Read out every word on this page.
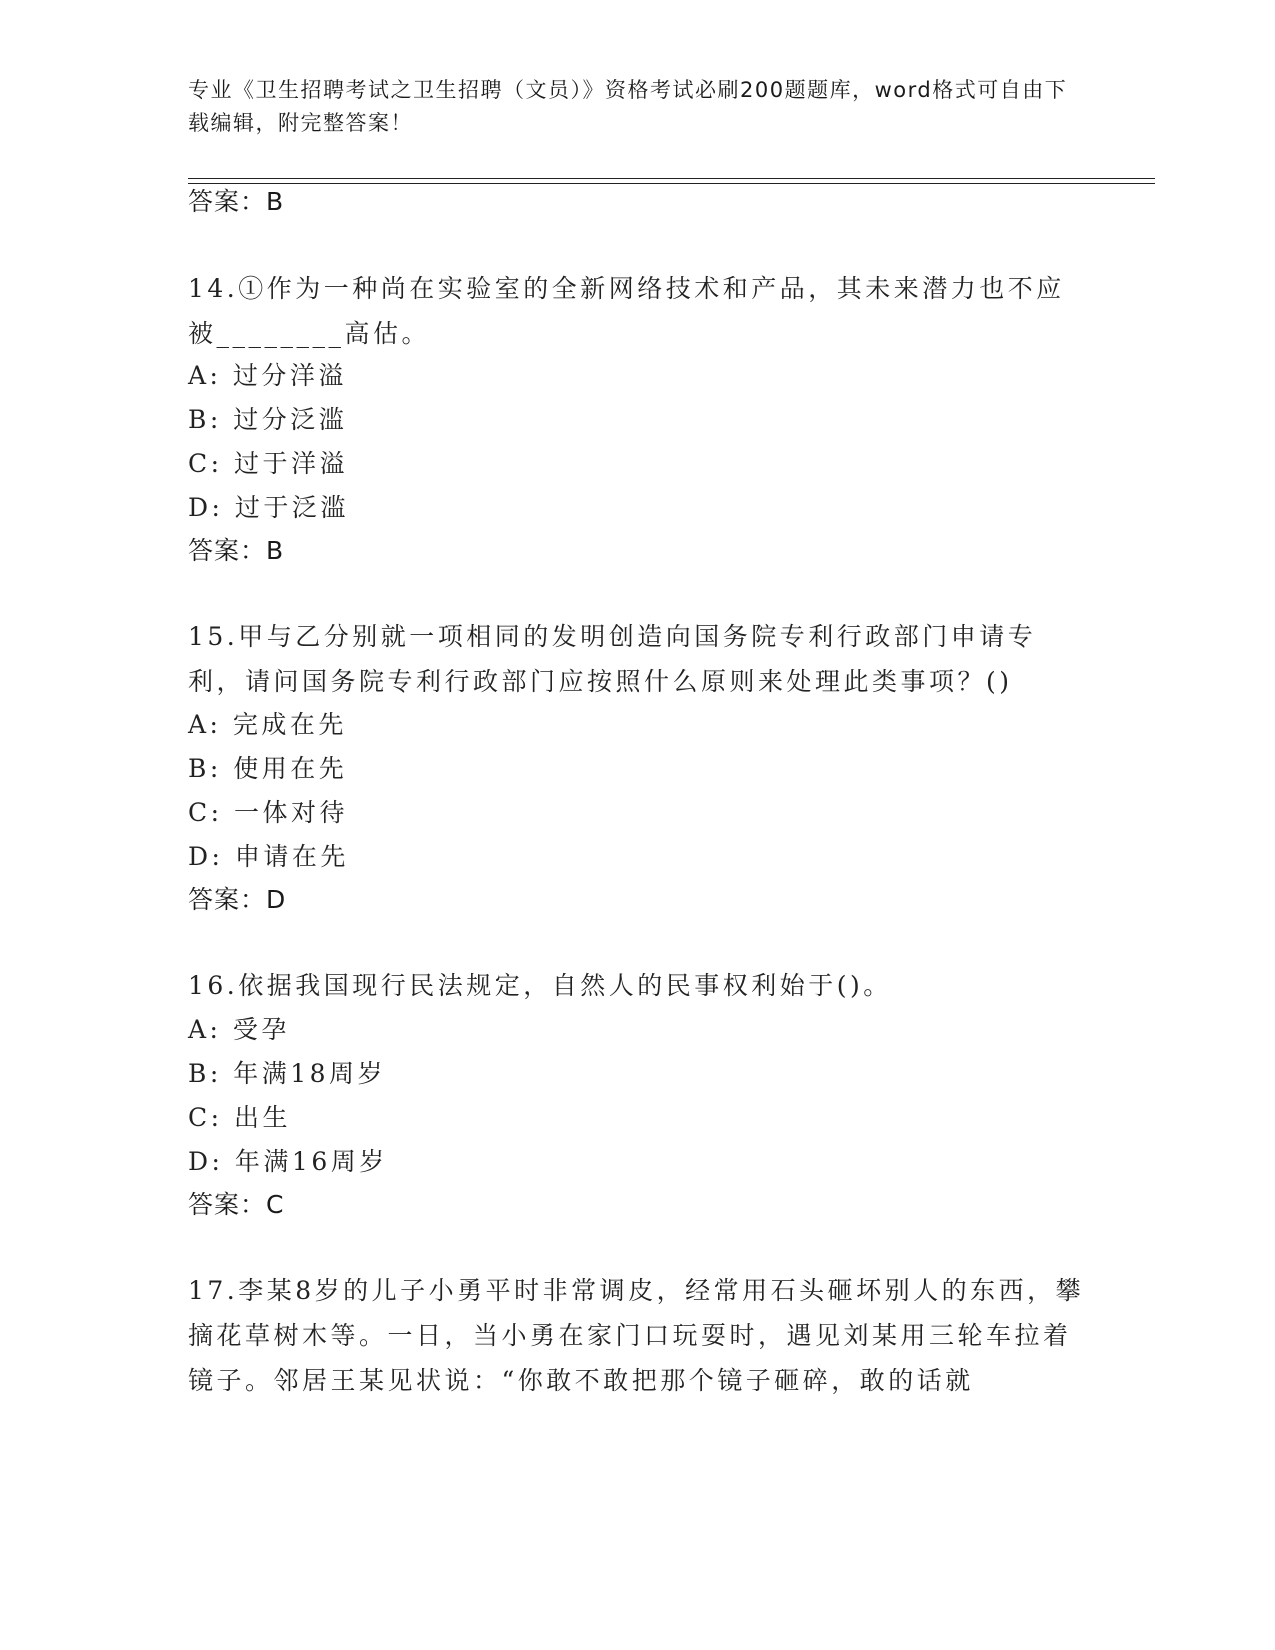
专业《卫生招聘考试之卫生招聘（文员）》资格考试必刷200题题库，word格式可自由下载编辑，附完整答案！
答案：B
14.①作为一种尚在实验室的全新网络技术和产品，其未来潜力也不应被________高估。
A: 过分洋溢
B: 过分泛滥
C: 过于洋溢
D: 过于泛滥
答案：B
15.甲与乙分别就一项相同的发明创造向国务院专利行政部门申请专利，请问国务院专利行政部门应按照什么原则来处理此类事项？()
A: 完成在先
B: 使用在先
C: 一体对待
D: 申请在先
答案：D
16.依据我国现行民法规定，自然人的民事权利始于()。
A: 受孕
B: 年满18周岁
C: 出生
D: 年满16周岁
答案：C
17.李某8岁的儿子小勇平时非常调皮，经常用石头砸坏别人的东西，攀摘花草树木等。一日，当小勇在家门口玩耍时，遇见刘某用三轮车拉着镜子。邻居王某见状说：“你敢不敢把那个镜子砸碎，敢的话就
